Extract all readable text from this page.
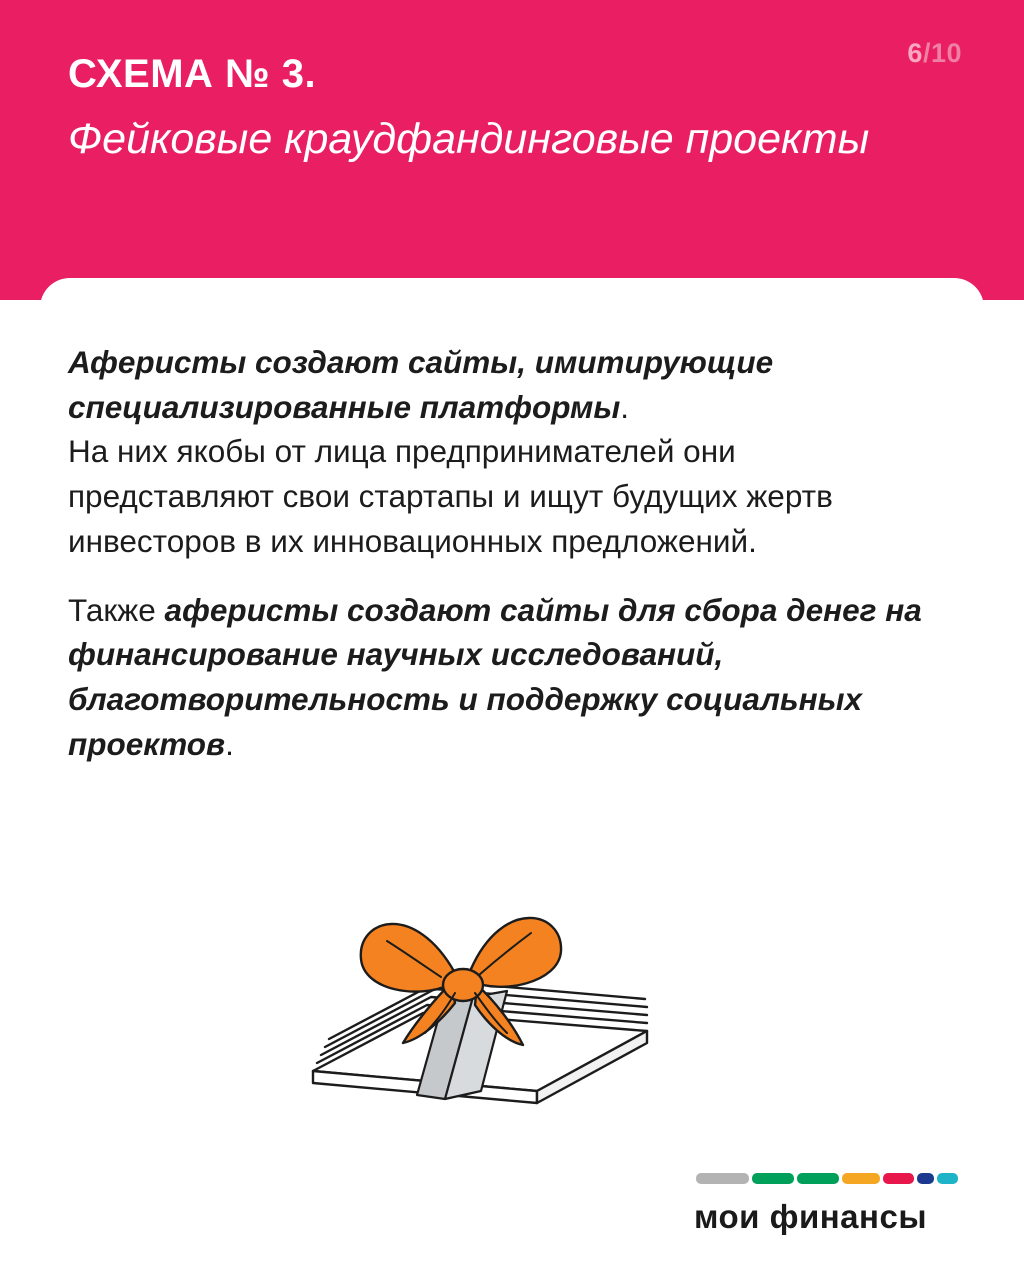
6/10
СХЕМА № 3.
Фейковые краудфандинговые проекты

Аферисты создают сайты, имитирующие специализированные платформы.
На них якобы от лица предпринимателей они представляют свои стартапы и ищут будущих жертв инвесторов в их инновационных предложений.

Также аферисты создают сайты для сбора денег на финансирование научных исследований, благотворительность и поддержку социальных проектов.

мои финансы
